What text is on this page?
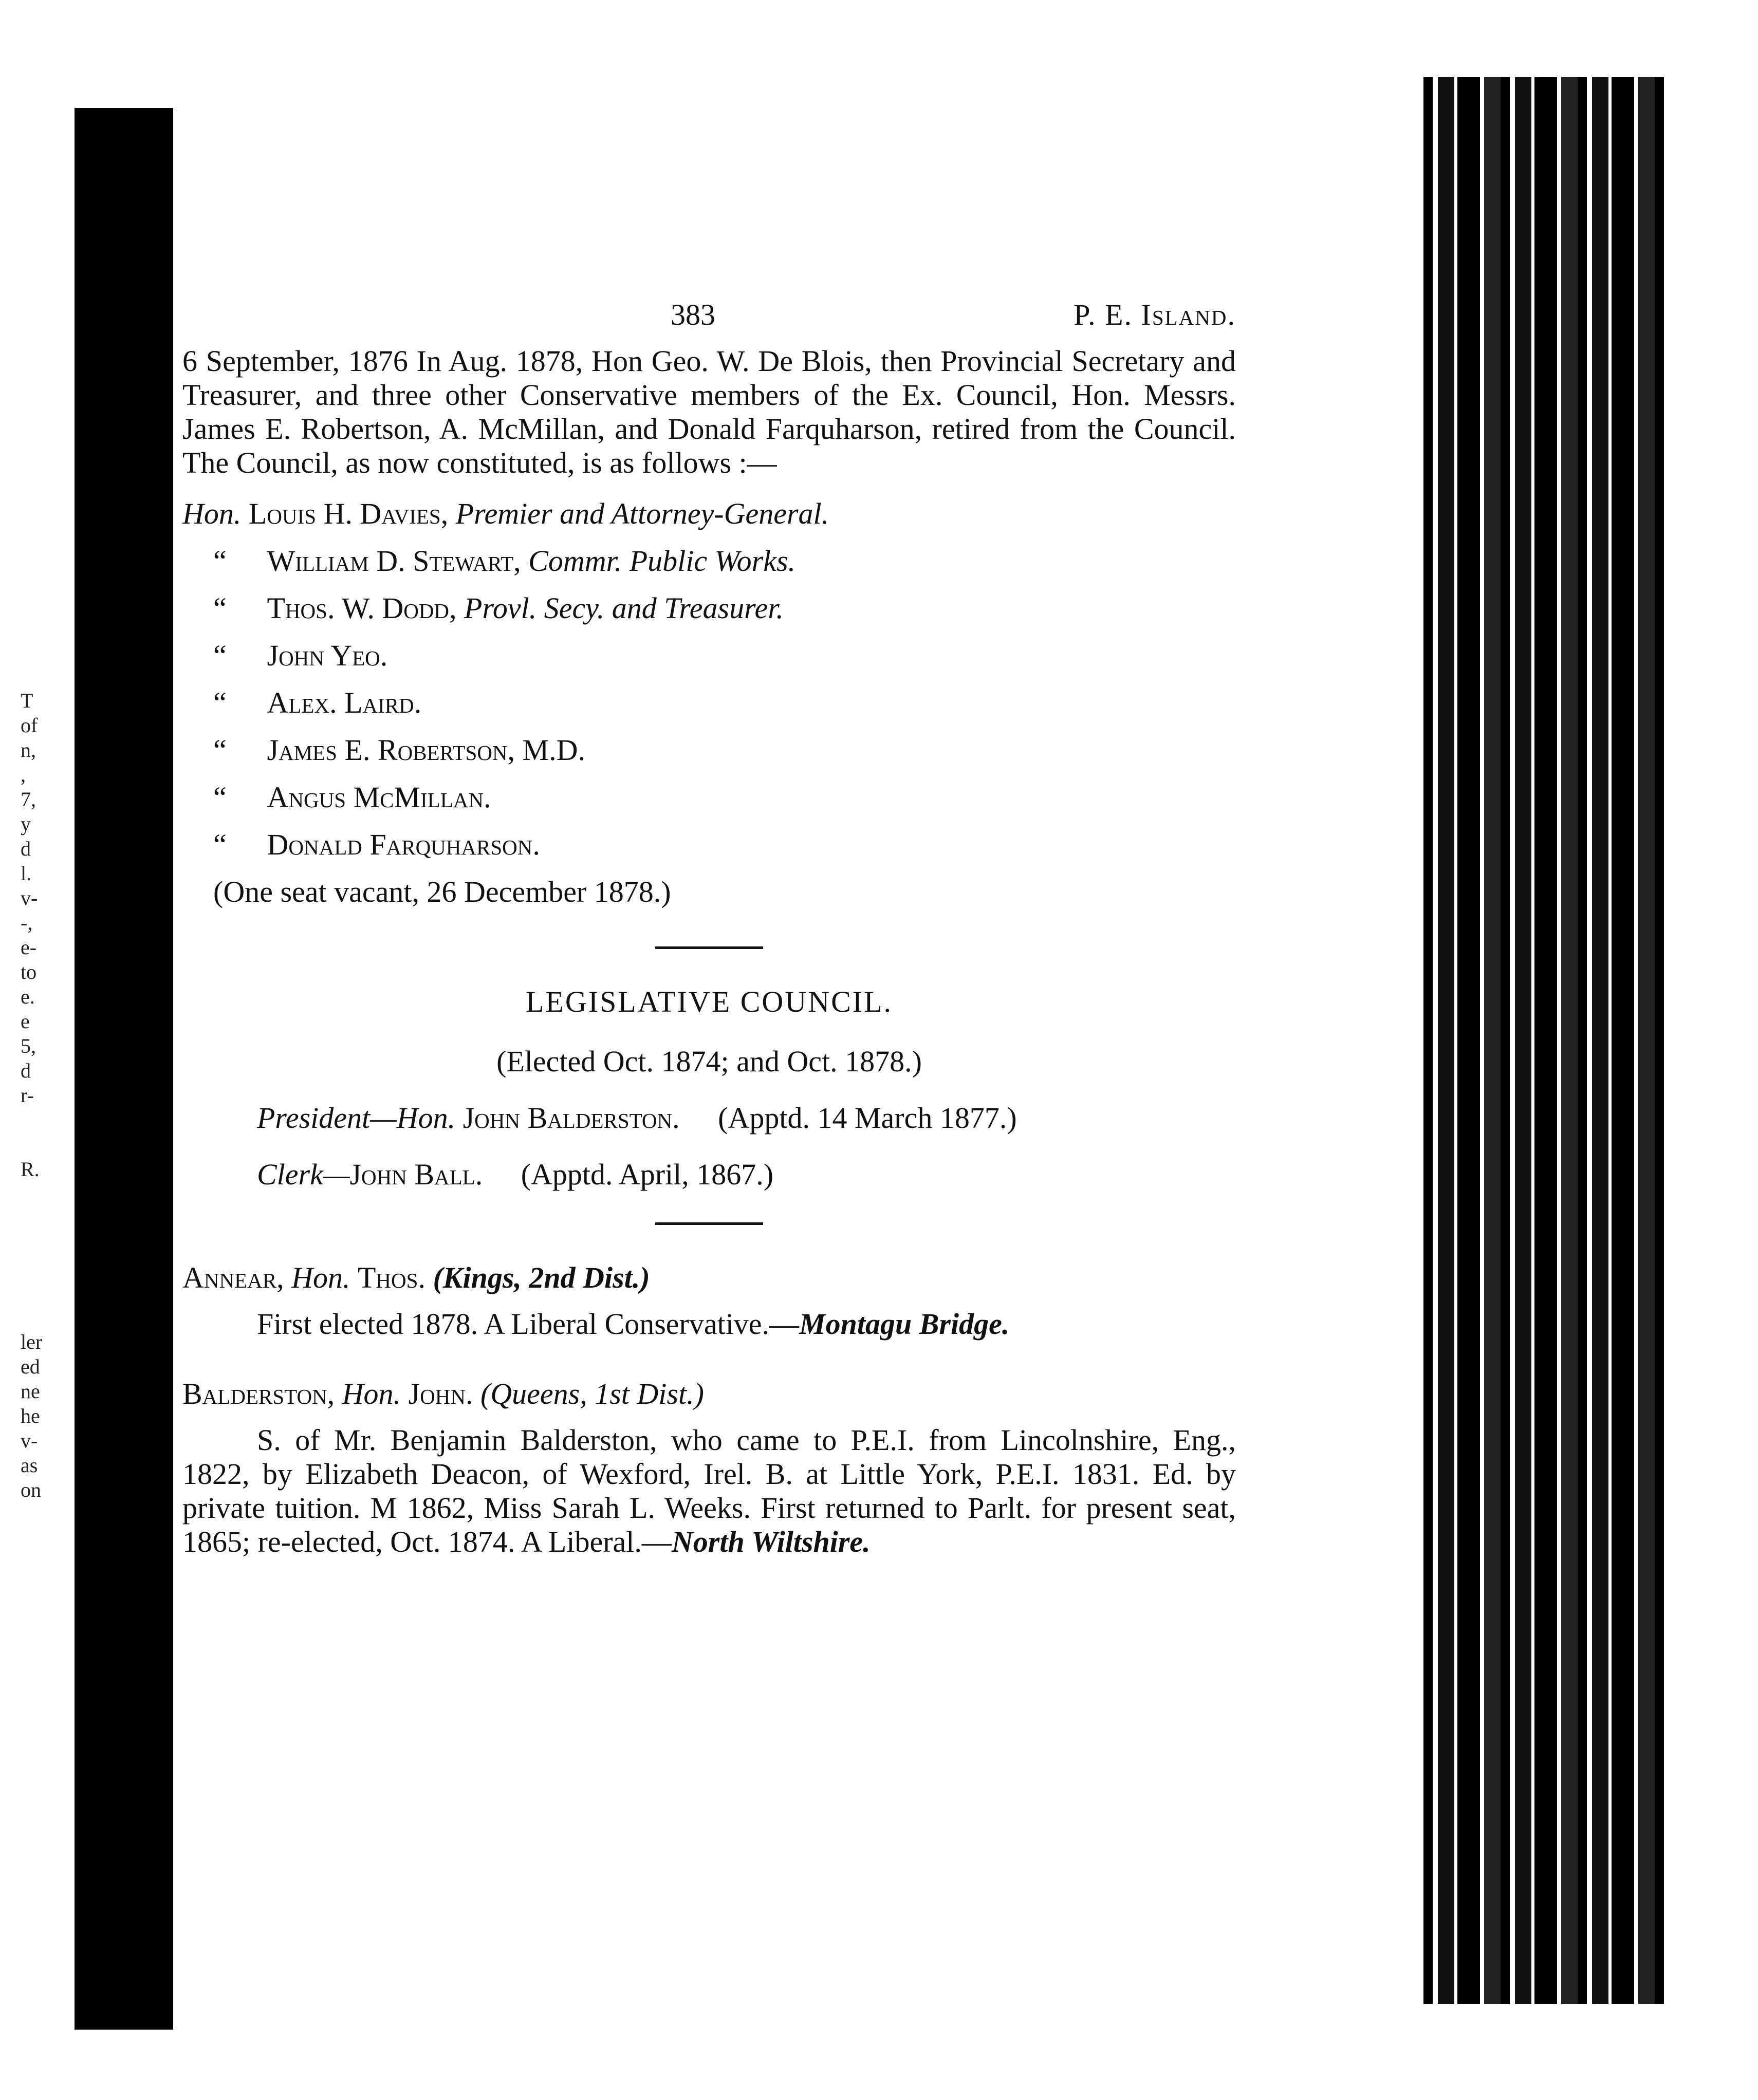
T
of
n,
,
7,
y
d
l.
v-
-,
e-
to
e.
e
5,
d
r-
R.
ler
ed
ne
he
v-
as
on
383	P. E. Island.

6 September, 1876 In Aug. 1878, Hon Geo. W. De Blois, then Provincial Secretary and Treasurer, and three other Conservative members of the Ex. Council, Hon. Messrs. James E. Robertson, A. McMillan, and Donald Farquharson, retired from the Council. The Council, as now constituted, is as follows :—

Hon. Louis H. Davies, Premier and Attorney-General.
“ William D. Stewart, Commr. Public Works.
“ Thos. W. Dodd, Provl. Secy. and Treasurer.
“ John Yeo.
“ Alex. Laird.
“ James E. Robertson, M.D.
“ Angus McMillan.
“ Donald Farquharson.
(One seat vacant, 26 December 1878.)
LEGISLATIVE COUNCIL.
(Elected Oct. 1874; and Oct. 1878.)
President—Hon. John Balderston. (Apptd. 14 March 1877.)
Clerk—John Ball. (Apptd. April, 1867.)
Annear, Hon. Thos. (Kings, 2nd Dist.)
First elected 1878. A Liberal Conservative.—Montagu Bridge.
Balderston, Hon. John. (Queens, 1st Dist.)

S. of Mr. Benjamin Balderston, who came to P.E.I. from Lincolnshire, Eng., 1822, by Elizabeth Deacon, of Wexford, Irel. B. at Little York, P.E.I. 1831. Ed. by private tuition. M 1862, Miss Sarah L. Weeks. First returned to Parlt. for present seat, 1865; re-elected, Oct. 1874. A Liberal.—North Wiltshire.
